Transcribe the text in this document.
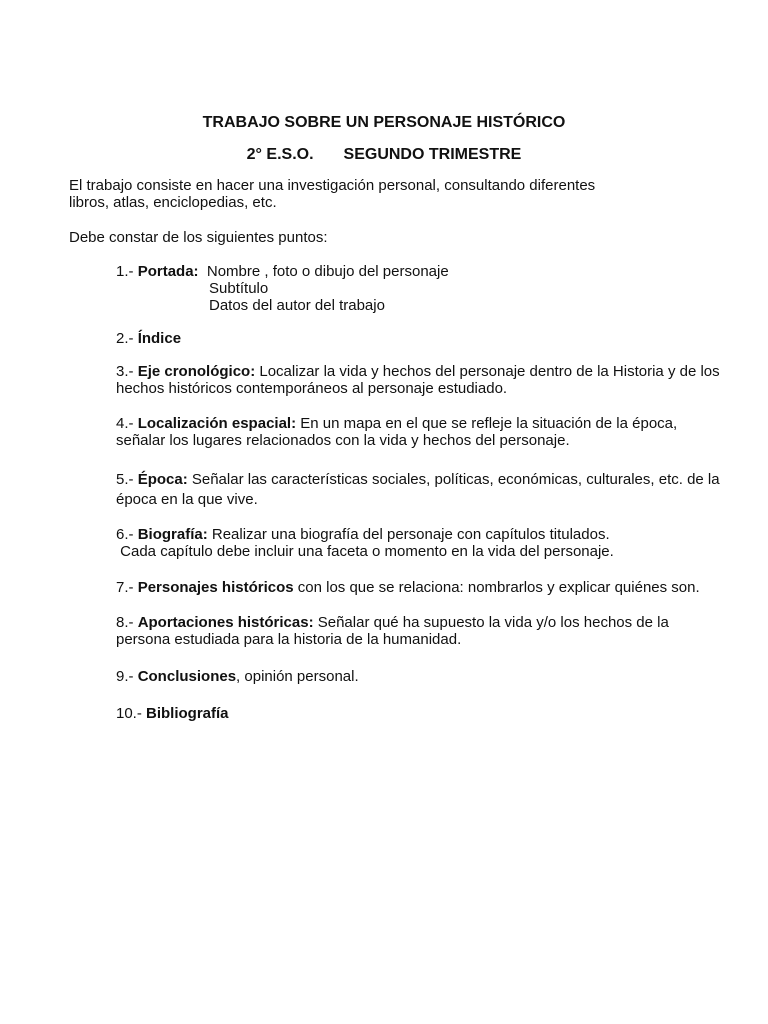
TRABAJO SOBRE UN PERSONAJE HISTÓRICO

2° E.S.O. SEGUNDO TRIMESTRE

El trabajo consiste en hacer una investigación personal, consultando diferentes
libros, atlas, enciclopedias, etc.

Debe constar de los siguientes puntos:

1.- Portada:  Nombre , foto o dibujo del personaje

Subtítulo

Datos del autor del trabajo

2.- Índice

3.- Eje cronológico: Localizar la vida y hechos del personaje dentro de la Historia y de los
hechos históricos contemporáneos al personaje estudiado.

4.- Localización espacial: En un mapa en el que se refleje la situación de la época,
señalar los lugares relacionados con la vida y hechos del personaje.

5.- Época: Señalar las características sociales, políticas, económicas, culturales, etc. de la
época en la que vive.

6.- Biografía: Realizar una biografía del personaje con capítulos titulados.
Cada capítulo debe incluir una faceta o momento en la vida del personaje.

7.- Personajes históricos con los que se relaciona: nombrarlos y explicar quiénes son.

8.- Aportaciones históricas: Señalar qué ha supuesto la vida y/o los hechos de la
persona estudiada para la historia de la humanidad.

9.- Conclusiones, opinión personal.

10.- Bibliografía
